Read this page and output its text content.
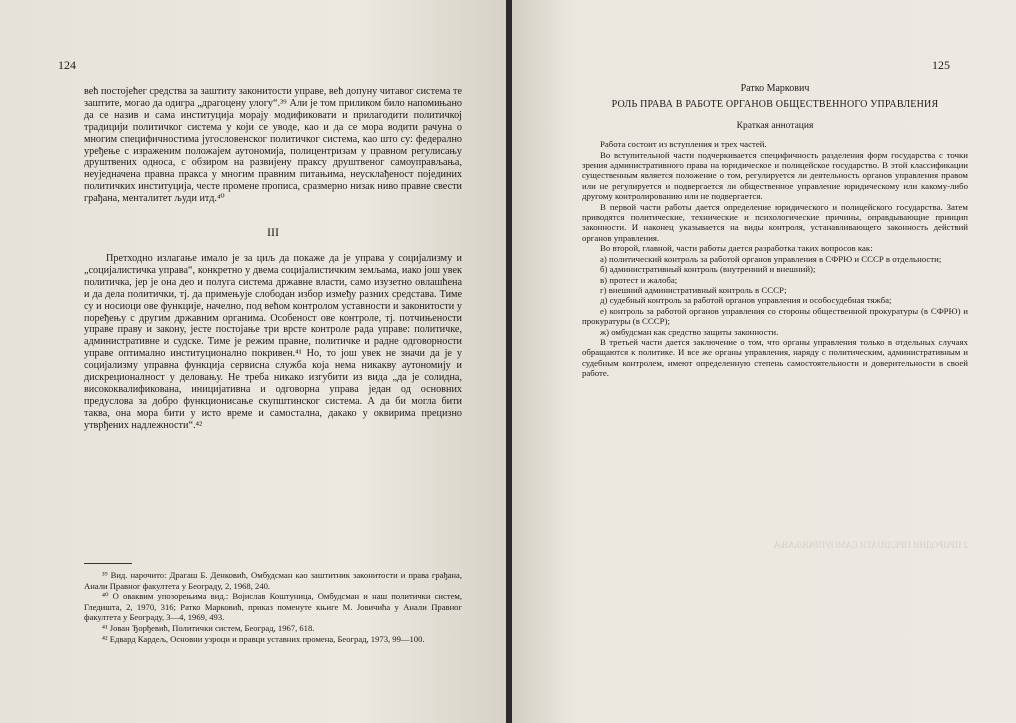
124

већ постојећег средства за заштиту законитости управе, већ допуну читавог система те заштите, могао да одигра „драгоцену улогу“.³⁹ Али је том приликом било напомињано да се назив и сама институција морају модификовати и прилагодити политичкој традицији политичког система у који се уводе, као и да се мора водити рачуна о многим специфичностима југословенског политичког система, као што су: федерално уређење с израженим положајем аутономија, полицентризам у правном регулисању друштвених односа, с обзиром на развијену праксу друштвеног самоуправљања, неуједначена правна пракса у многим правним питањима, неусклађеност појединих политичких институција, честе промене прописа, сразмерно низак ниво правне свести грађана, менталитет људи итд.⁴⁰

III

Претходно излагање имало је за циљ да покаже да је управа у социјализму и „социјалистичка управа“, конкретно у двема социјалистичким земљама, иако још увек политичка, јер је она део и полуга система државне власти, само изузетно овлашћена и да дела политички, тј. да примењује слободан избор између разних средстава. Тиме су и носиоци ове функције, начелно, под већом контролом уставности и законитости у поређењу с другим државним органима. Особеност ове контроле, тј. потчињености управе праву и закону, јесте постојање три врсте контроле рада управе: политичке, административне и судске. Тиме је режим правне, политичке и радне одговорности управе оптимално институционално покривен.⁴¹ Но, то још увек не значи да је у социјализму управна функција сервисна служба која нема никакву аутономију и дискреционалност у деловању. Не треба никако изгубити из вида „да је солидна, висококвалификована, иницијативна и одговорна управа један од основних предуслова за добро функционисање скупштинског система. А да би могла бити таква, она мора бити у исто време и самостална, дакако у оквирима прецизно утврђених надлежности“.⁴²

³⁹ Вид. нарочито: Драгаш Б. Денковић, Омбудсман као заштитник законитости и права грађана, Анали Правног факултета у Београду, 2, 1968, 240.

⁴⁰ О оваквим упозорењима вид.: Војислав Коштуница, Омбудсман и наш политички систем, Гледишта, 2, 1970, 316; Ратко Марковић, приказ поменуте књиге М. Јовичића у Анали Правног факултета у Београду, 3—4, 1969, 493.

⁴¹ Јован Ђорђевић, Политички систем, Београд, 1967, 618.

⁴² Едвард Кардељ, Основни узроци и правци уставних промена, Београд, 1973, 99—100.

125
Ратко Маркович
РОЛЬ ПРАВА В РАБОТЕ ОРГАНОВ ОБЩЕСТВЕННОГО УПРАВЛЕНИЯ
Краткая аннотация

Работа состоит из вступления и трех частей.

Во вступительной части подчеркивается специфичность разделения форм государства с точки зрения административного права на юридическое и полицейское государство. В этой классификации существенным является положение о том, регулируется ли деятельность органов управления правом или не регулируется и подвергается ли общественное управление юридическому или какому-либо другому контролированию или не подвергается.

В первой части работы дается определение юридического и полицейского государства. Затем приводятся политические, технические и психологические причины, оправдывающие принцип законности. И наконец указывается на виды контроля, устанавливающего законность действий органов управления.

Во второй, главной, части работы дается разработка таких вопросов как:

а) политический контроль за работой органов управления в СФРЮ и СССР в отдельности;

б) административный контроль (внутренний и внешний);

в) протест и жалоба;

г) внешний административный контроль в СССР;

д) судебный контроль за работой органов управления и особосудебная тяжба;

е) контроль за работой органов управления со стороны общественной прокуратуры (в СФРЮ) и прокуратуры (в СССР);

ж) омбудсман как средство защиты законности.

В третьей части дается заключение о том, что органы управления только в отдельных случаях обращаются к политике. И все же органы управления, наряду с политическим, административным и судебным контролем, имеют определенную степень самостоятельности и доверительности в своей работе.

2 ПРИРОДНИ ПРЕДИЈАТИ САМОУПРАВЉАЊА
